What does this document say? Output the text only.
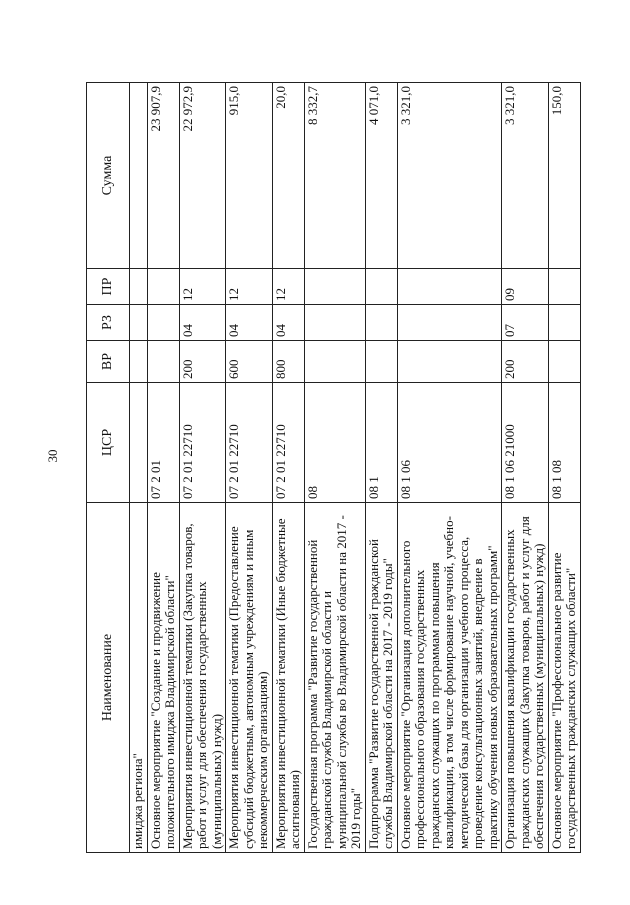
30
Наименование	ЦСР	ВР	РЗ	ПР	Сумма
имиджа региона"					
Основное мероприятие "Создание и продвижение положительного имиджа Владимирской области"	07 2 01				23 907,9
Мероприятия инвестиционной тематики (Закупка товаров, работ и услуг для обеспечения государственных (муниципальных) нужд)	07 2 01 22710	200	04	12	22 972,9
Мероприятия инвестиционной тематики (Предоставление субсидий бюджетным, автономным учреждениям и иным некоммерческим организациям)	07 2 01 22710	600	04	12	915,0
Мероприятия инвестиционной тематики (Иные бюджетные ассигнования)	07 2 01 22710	800	04	12	20,0
Государственная программа "Развитие государственной гражданской службы Владимирской области и муниципальной службы во Владимирской области на 2017 - 2019 годы"	08				8 332,7
Подпрограмма "Развитие государственной гражданской службы Владимирской области на 2017 - 2019 годы"	08 1				4 071,0
Основное мероприятие "Организация дополнительного профессионального образования государственных гражданских служащих по программам повышения квалификации, в том числе формирование научной, учебно-методической базы для организации учебного процесса, проведение консультационных занятий, внедрение в практику обучения новых образовательных программ"	08 1 06				3 321,0
Организация повышения квалификации государственных гражданских служащих (Закупка товаров, работ и услуг для обеспечения государственных (муниципальных) нужд)	08 1 06 21000	200	07	09	3 321,0
Основное мероприятие "Профессиональное развитие государственных гражданских служащих области"	08 1 08				150,0
